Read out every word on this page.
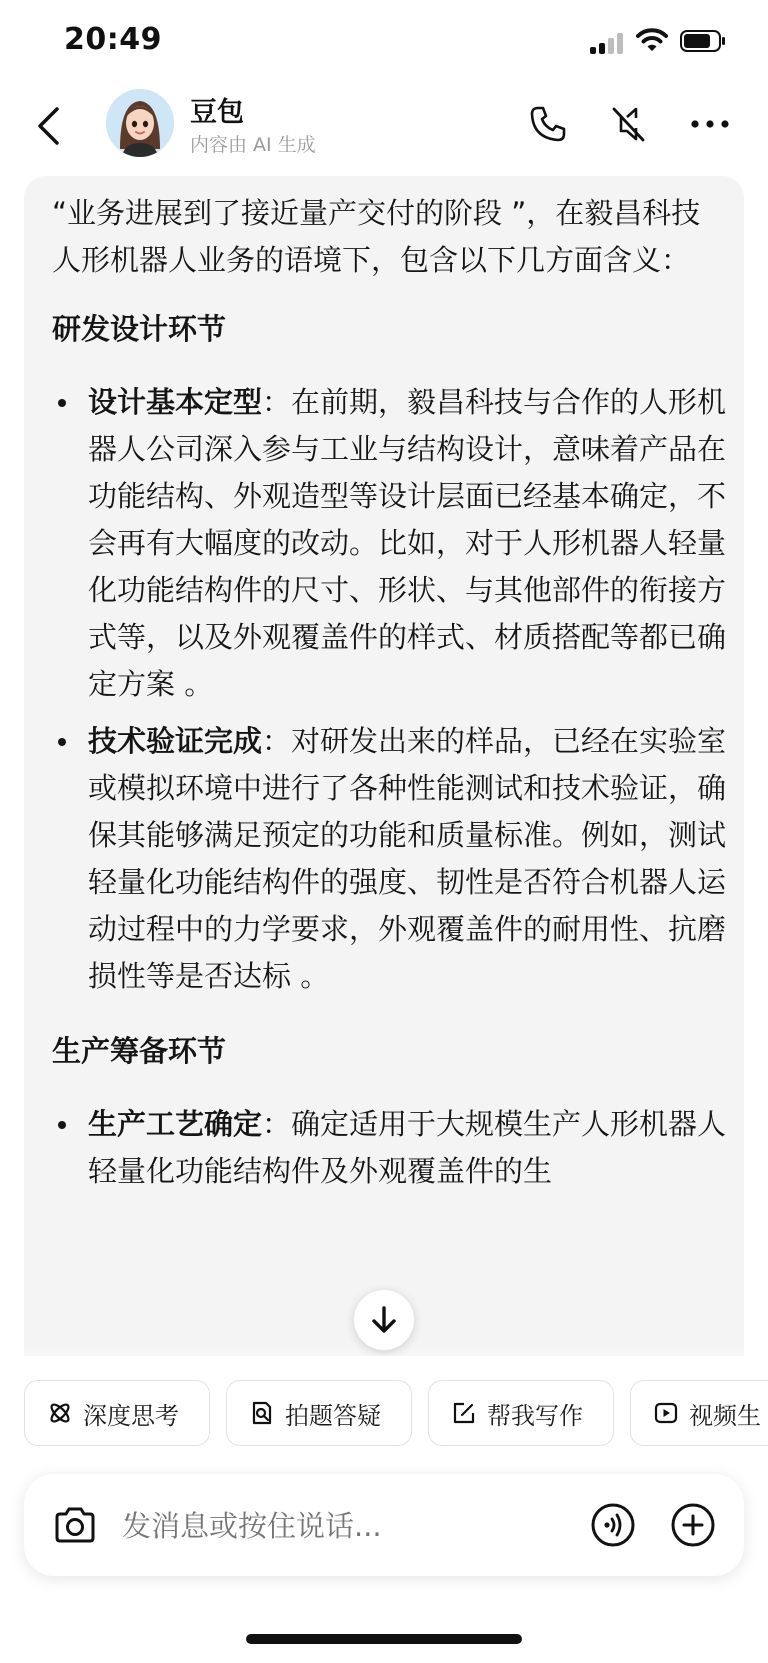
20:49
豆包
内容由 AI 生成

“业务进展到了接近量产交付的阶段 ”，在毅昌科技人形机器人业务的语境下，包含以下几方面含义：

研发设计环节
设计基本定型：在前期，毅昌科技与合作的人形机器人公司深入参与工业与结构设计，意味着产品在功能结构、外观造型等设计层面已经基本确定，不会再有大幅度的改动。比如，对于人形机器人轻量化功能结构件的尺寸、形状、与其他部件的衔接方式等，以及外观覆盖件的样式、材质搭配等都已确定方案 。
技术验证完成：对研发出来的样品，已经在实验室或模拟环境中进行了各种性能测试和技术验证，确保其能够满足预定的功能和质量标准。例如，测试轻量化功能结构件的强度、韧性是否符合机器人运动过程中的力学要求，外观覆盖件的耐用性、抗磨损性等是否达标 。
生产筹备环节
生产工艺确定：确定适用于大规模生产人形机器人轻量化功能结构件及外观覆盖件的生
深度思考	拍题答疑	帮我写作	视频生
发消息或按住说话...
